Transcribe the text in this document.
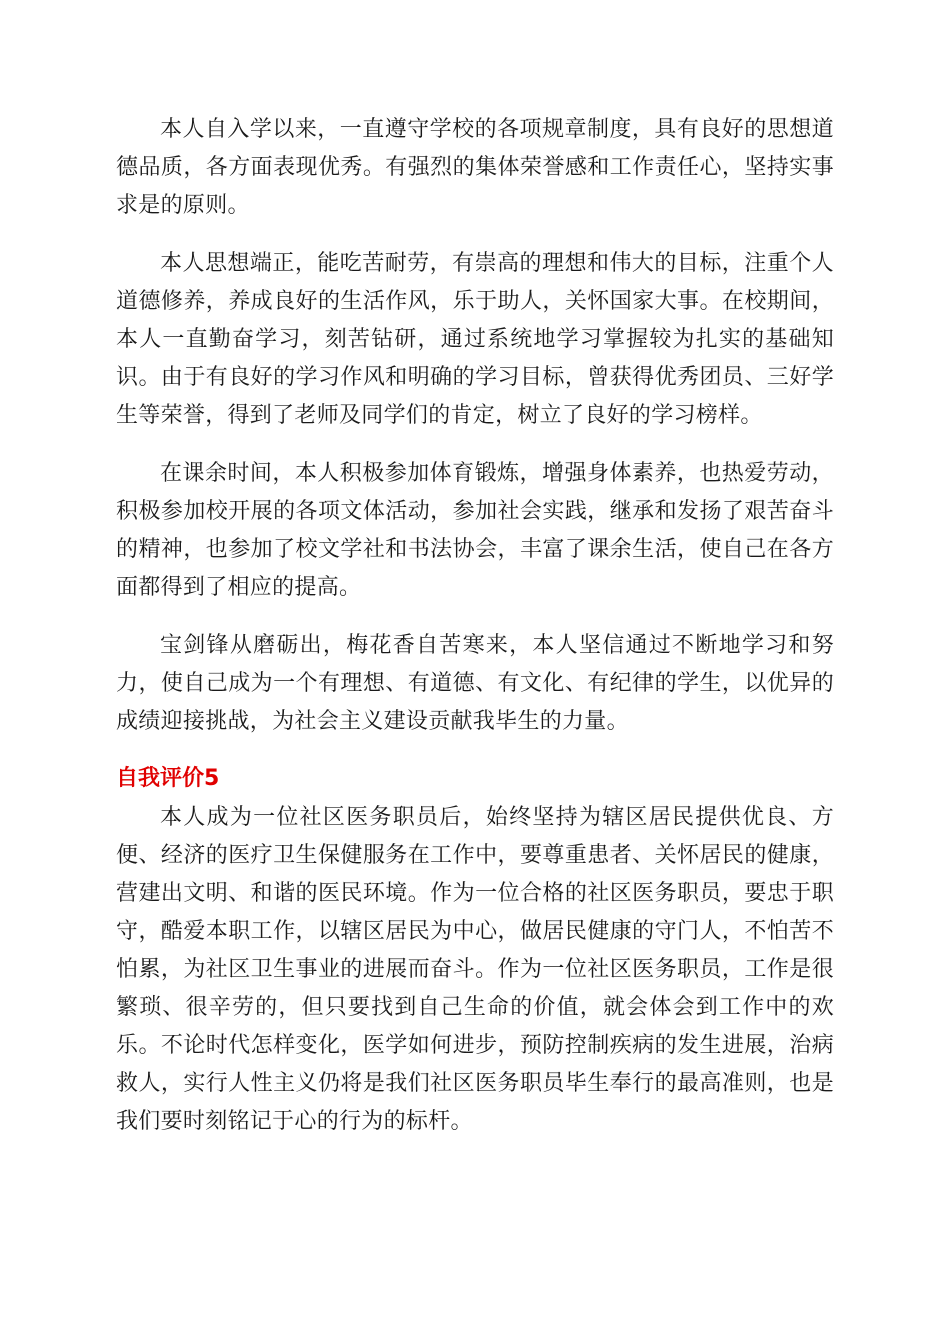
本人自入学以来，一直遵守学校的各项规章制度，具有良好的思想道德品质，各方面表现优秀。有强烈的集体荣誉感和工作责任心，坚持实事求是的原则。

本人思想端正，能吃苦耐劳，有崇高的理想和伟大的目标，注重个人道德修养，养成良好的生活作风，乐于助人，关怀国家大事。在校期间，本人一直勤奋学习，刻苦钻研，通过系统地学习掌握较为扎实的基础知识。由于有良好的学习作风和明确的学习目标，曾获得优秀团员、三好学生等荣誉，得到了老师及同学们的肯定，树立了良好的学习榜样。

在课余时间，本人积极参加体育锻炼，增强身体素养，也热爱劳动，积极参加校开展的各项文体活动，参加社会实践，继承和发扬了艰苦奋斗的精神，也参加了校文学社和书法协会，丰富了课余生活，使自己在各方面都得到了相应的提高。

宝剑锋从磨砺出，梅花香自苦寒来，本人坚信通过不断地学习和努力，使自己成为一个有理想、有道德、有文化、有纪律的学生，以优异的成绩迎接挑战，为社会主义建设贡献我毕生的力量。

自我评价5

本人成为一位社区医务职员后，始终坚持为辖区居民提供优良、方便、经济的医疗卫生保健服务在工作中，要尊重患者、关怀居民的健康，营建出文明、和谐的医民环境。作为一位合格的社区医务职员，要忠于职守，酷爱本职工作，以辖区居民为中心，做居民健康的守门人，不怕苦不怕累，为社区卫生事业的进展而奋斗。作为一位社区医务职员，工作是很繁琐、很辛劳的，但只要找到自己生命的价值，就会体会到工作中的欢乐。不论时代怎样变化，医学如何进步，预防控制疾病的发生进展，治病救人，实行人性主义仍将是我们社区医务职员毕生奉行的最高准则，也是我们要时刻铭记于心的行为的标杆。
